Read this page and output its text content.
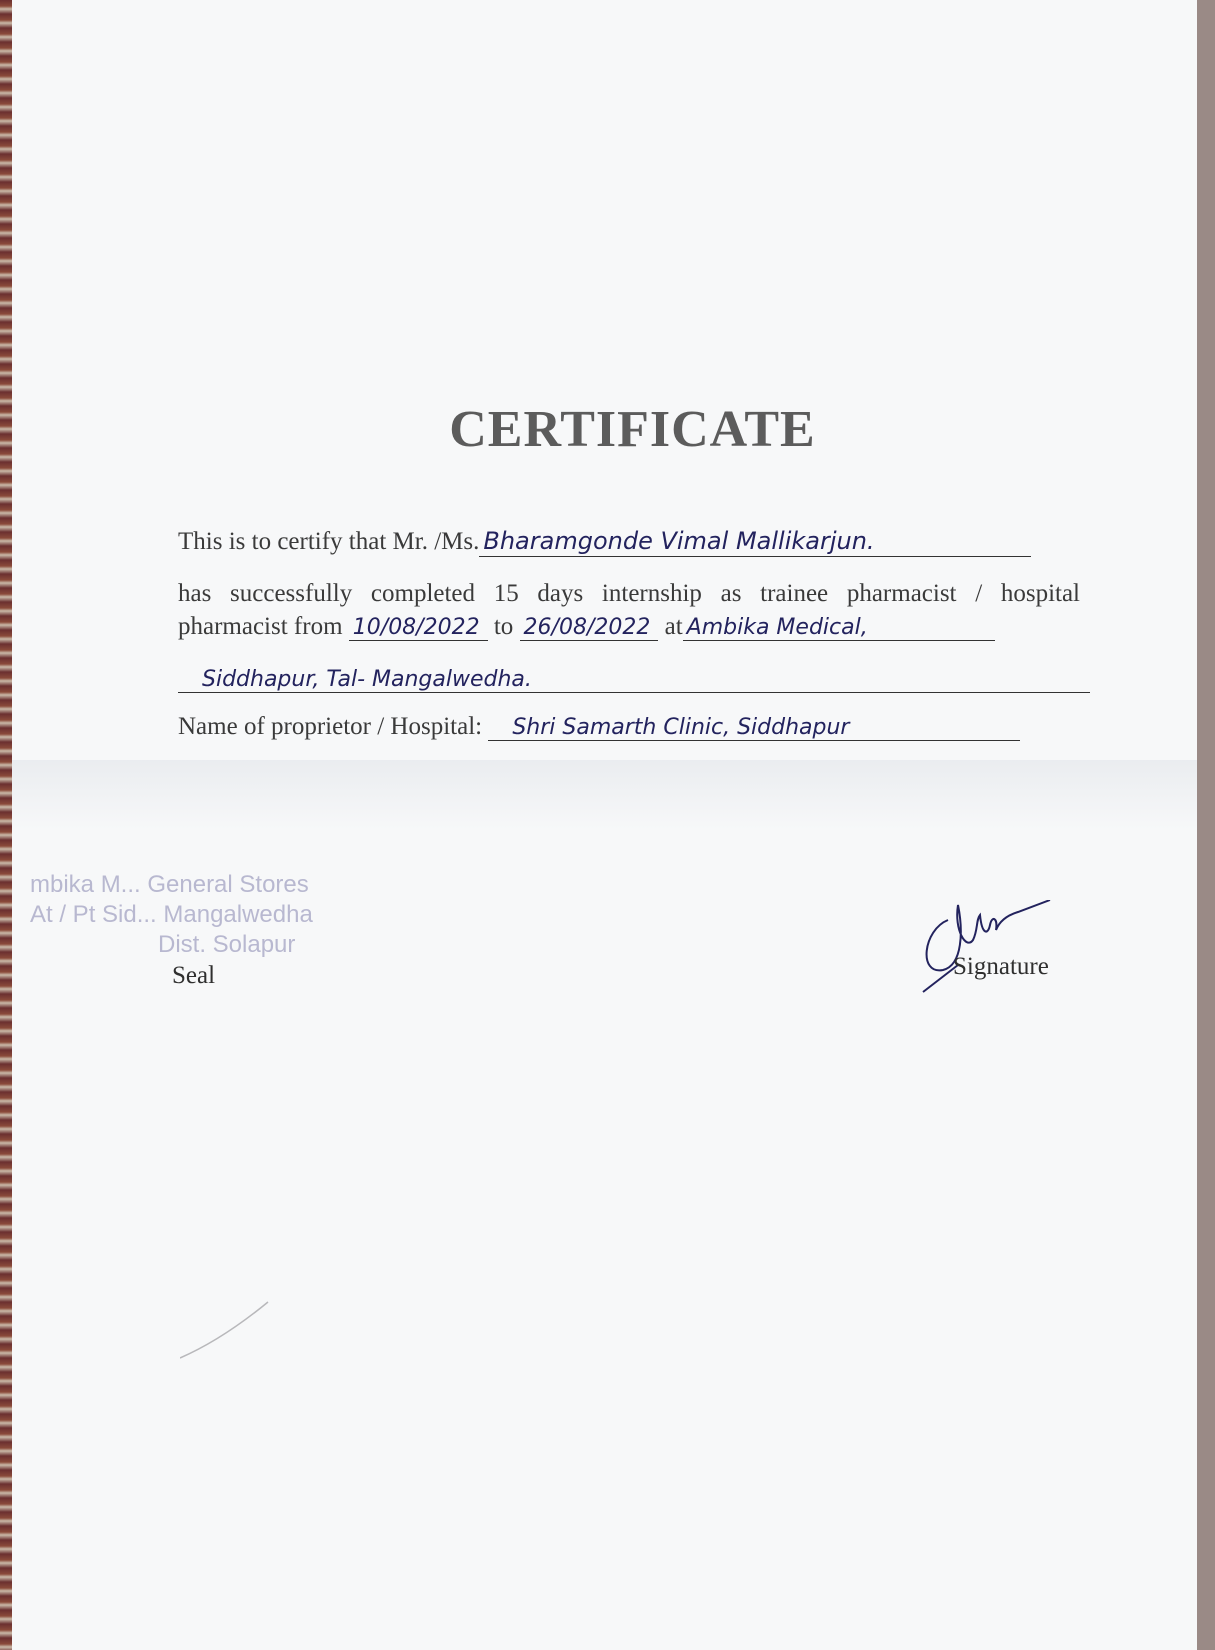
CERTIFICATE
This is to certify that Mr. /Ms. Bharamgonde Vimal Mallikarjun.
has successfully completed 15 days internship as trainee pharmacist / hospital
pharmacist from 10/08/2022 to 26/08/2022 at Ambika Medical,
Siddhapur, Tal- Mangalwedha.
Name of proprietor / Hospital: Shri Samarth Clinic, Siddhapur
mbika M... General Stores
At / Pt Sid... Mangalwedha
Dist. Solapur
Seal	Signature
